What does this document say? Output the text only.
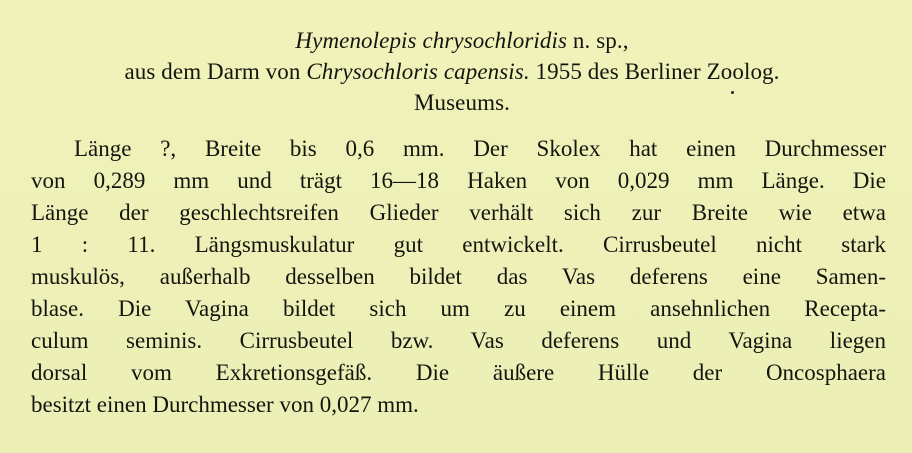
Hymenolepis chrysochloridis n. sp.,
aus dem Darm von Chrysochloris capensis. 1955 des Berliner Zoolog.
Museums.
Länge ?, Breite bis 0,6 mm. Der Skolex hat einen Durchmesser
von 0,289 mm und trägt 16—18 Haken von 0,029 mm Länge. Die
Länge der geschlechtsreifen Glieder verhält sich zur Breite wie etwa
1 : 11. Längsmuskulatur gut entwickelt. Cirrusbeutel nicht stark
muskulös, außerhalb desselben bildet das Vas deferens eine Samen-
blase. Die Vagina bildet sich um zu einem ansehnlichen Recepta-
culum seminis. Cirrusbeutel bzw. Vas deferens und Vagina liegen
dorsal vom Exkretionsgefäß. Die äußere Hülle der Oncosphaera
besitzt einen Durchmesser von 0,027 mm.
